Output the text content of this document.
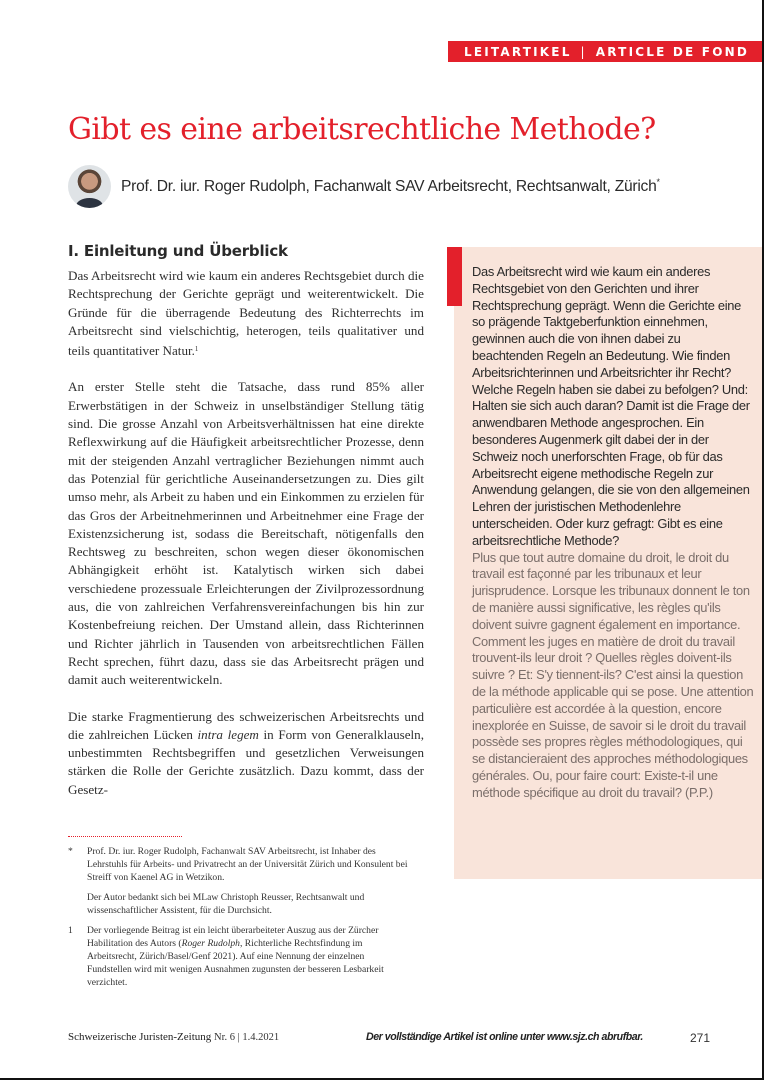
LEITARTIKEL | ARTICLE DE FOND
Gibt es eine arbeitsrechtliche Methode?
Prof. Dr. iur. Roger Rudolph, Fachanwalt SAV Arbeitsrecht, Rechtsanwalt, Zürich*
I. Einleitung und Überblick

Das Arbeitsrecht wird wie kaum ein anderes Rechtsgebiet durch die Rechtsprechung der Gerichte geprägt und weiterentwickelt. Die Gründe für die überragende Bedeutung des Richterrechts im Arbeitsrecht sind vielschichtig, heterogen, teils qualitativer und teils quantitativer Natur.$^1$

An erster Stelle steht die Tatsache, dass rund 85% aller Erwerbstätigen in der Schweiz in unselbständiger Stellung tätig sind. Die grosse Anzahl von Arbeitsverhältnissen hat eine direkte Reflexwirkung auf die Häufigkeit arbeitsrechtlicher Prozesse, denn mit der steigenden Anzahl vertraglicher Beziehungen nimmt auch das Potenzial für gerichtliche Auseinandersetzungen zu. Dies gilt umso mehr, als Arbeit zu haben und ein Einkommen zu erzielen für das Gros der Arbeitnehmerinnen und Arbeitnehmer eine Frage der Existenzsicherung ist, sodass die Bereitschaft, nötigenfalls den Rechtsweg zu beschreiten, schon wegen dieser ökonomischen Abhängigkeit erhöht ist. Katalytisch wirken sich dabei verschiedene prozessuale Erleichterungen der Zivilprozessordnung aus, die von zahlreichen Verfahrensvereinfachungen bis hin zur Kostenbefreiung reichen. Der Umstand allein, dass Richterinnen und Richter jährlich in Tausenden von arbeitsrechtlichen Fällen Recht sprechen, führt dazu, dass sie das Arbeitsrecht prägen und damit auch weiterentwickeln.

Die starke Fragmentierung des schweizerischen Arbeitsrechts und die zahlreichen Lücken intra legem in Form von Generalklauseln, unbestimmten Rechtsbegriffen und gesetzlichen Verweisungen stärken die Rolle der Gerichte zusätzlich. Dazu kommt, dass der Gesetz-

*	Prof. Dr. iur. Roger Rudolph, Fachanwalt SAV Arbeitsrecht, ist Inhaber des Lehrstuhls für Arbeits- und Privatrecht an der Universität Zürich und Konsulent bei Streiff von Kaenel AG in Wetzikon.

Der Autor bedankt sich bei MLaw Christoph Reusser, Rechtsanwalt und wissenschaftlicher Assistent, für die Durchsicht.

1	Der vorliegende Beitrag ist ein leicht überarbeiteter Auszug aus der Zürcher Habilitation des Autors (Roger Rudolph, Richterliche Rechtsfindung im Arbeitsrecht, Zürich/Basel/Genf 2021). Auf eine Nennung der einzelnen Fundstellen wird mit wenigen Ausnahmen zugunsten der besseren Lesbarkeit verzichtet.

Das Arbeitsrecht wird wie kaum ein anderes Rechtsgebiet von den Gerichten und ihrer Rechtsprechung geprägt. Wenn die Gerichte eine so prägende Taktgeberfunktion einnehmen, gewinnen auch die von ihnen dabei zu beachtenden Regeln an Bedeutung. Wie finden Arbeitsrichterinnen und Arbeitsrichter ihr Recht? Welche Regeln haben sie dabei zu befolgen? Und: Halten sie sich auch daran? Damit ist die Frage der anwendbaren Methode angesprochen. Ein besonderes Augenmerk gilt dabei der in der Schweiz noch unerforschten Frage, ob für das Arbeitsrecht eigene methodische Regeln zur Anwendung gelangen, die sie von den allgemeinen Lehren der juristischen Methodenlehre unterscheiden. Oder kurz gefragt: Gibt es eine arbeitsrechtliche Methode?
Plus que tout autre domaine du droit, le droit du travail est façonné par les tribunaux et leur jurisprudence. Lorsque les tribunaux donnent le ton de manière aussi significative, les règles qu'ils doivent suivre gagnent également en importance. Comment les juges en matière de droit du travail trouvent-ils leur droit ? Quelles règles doivent-ils suivre ? Et: S'y tiennent-ils? C'est ainsi la question de la méthode applicable qui se pose. Une attention particulière est accordée à la question, encore inexplorée en Suisse, de savoir si le droit du travail possède ses propres règles méthodologiques, qui se distancieraient des approches méthodologiques générales. Ou, pour faire court: Existe-t-il une méthode spécifique au droit du travail? (P.P.)
Schweizerische Juristen-Zeitung Nr. 6 | 1.4.2021	Der vollständige Artikel ist online unter www.sjz.ch abrufbar.	271
